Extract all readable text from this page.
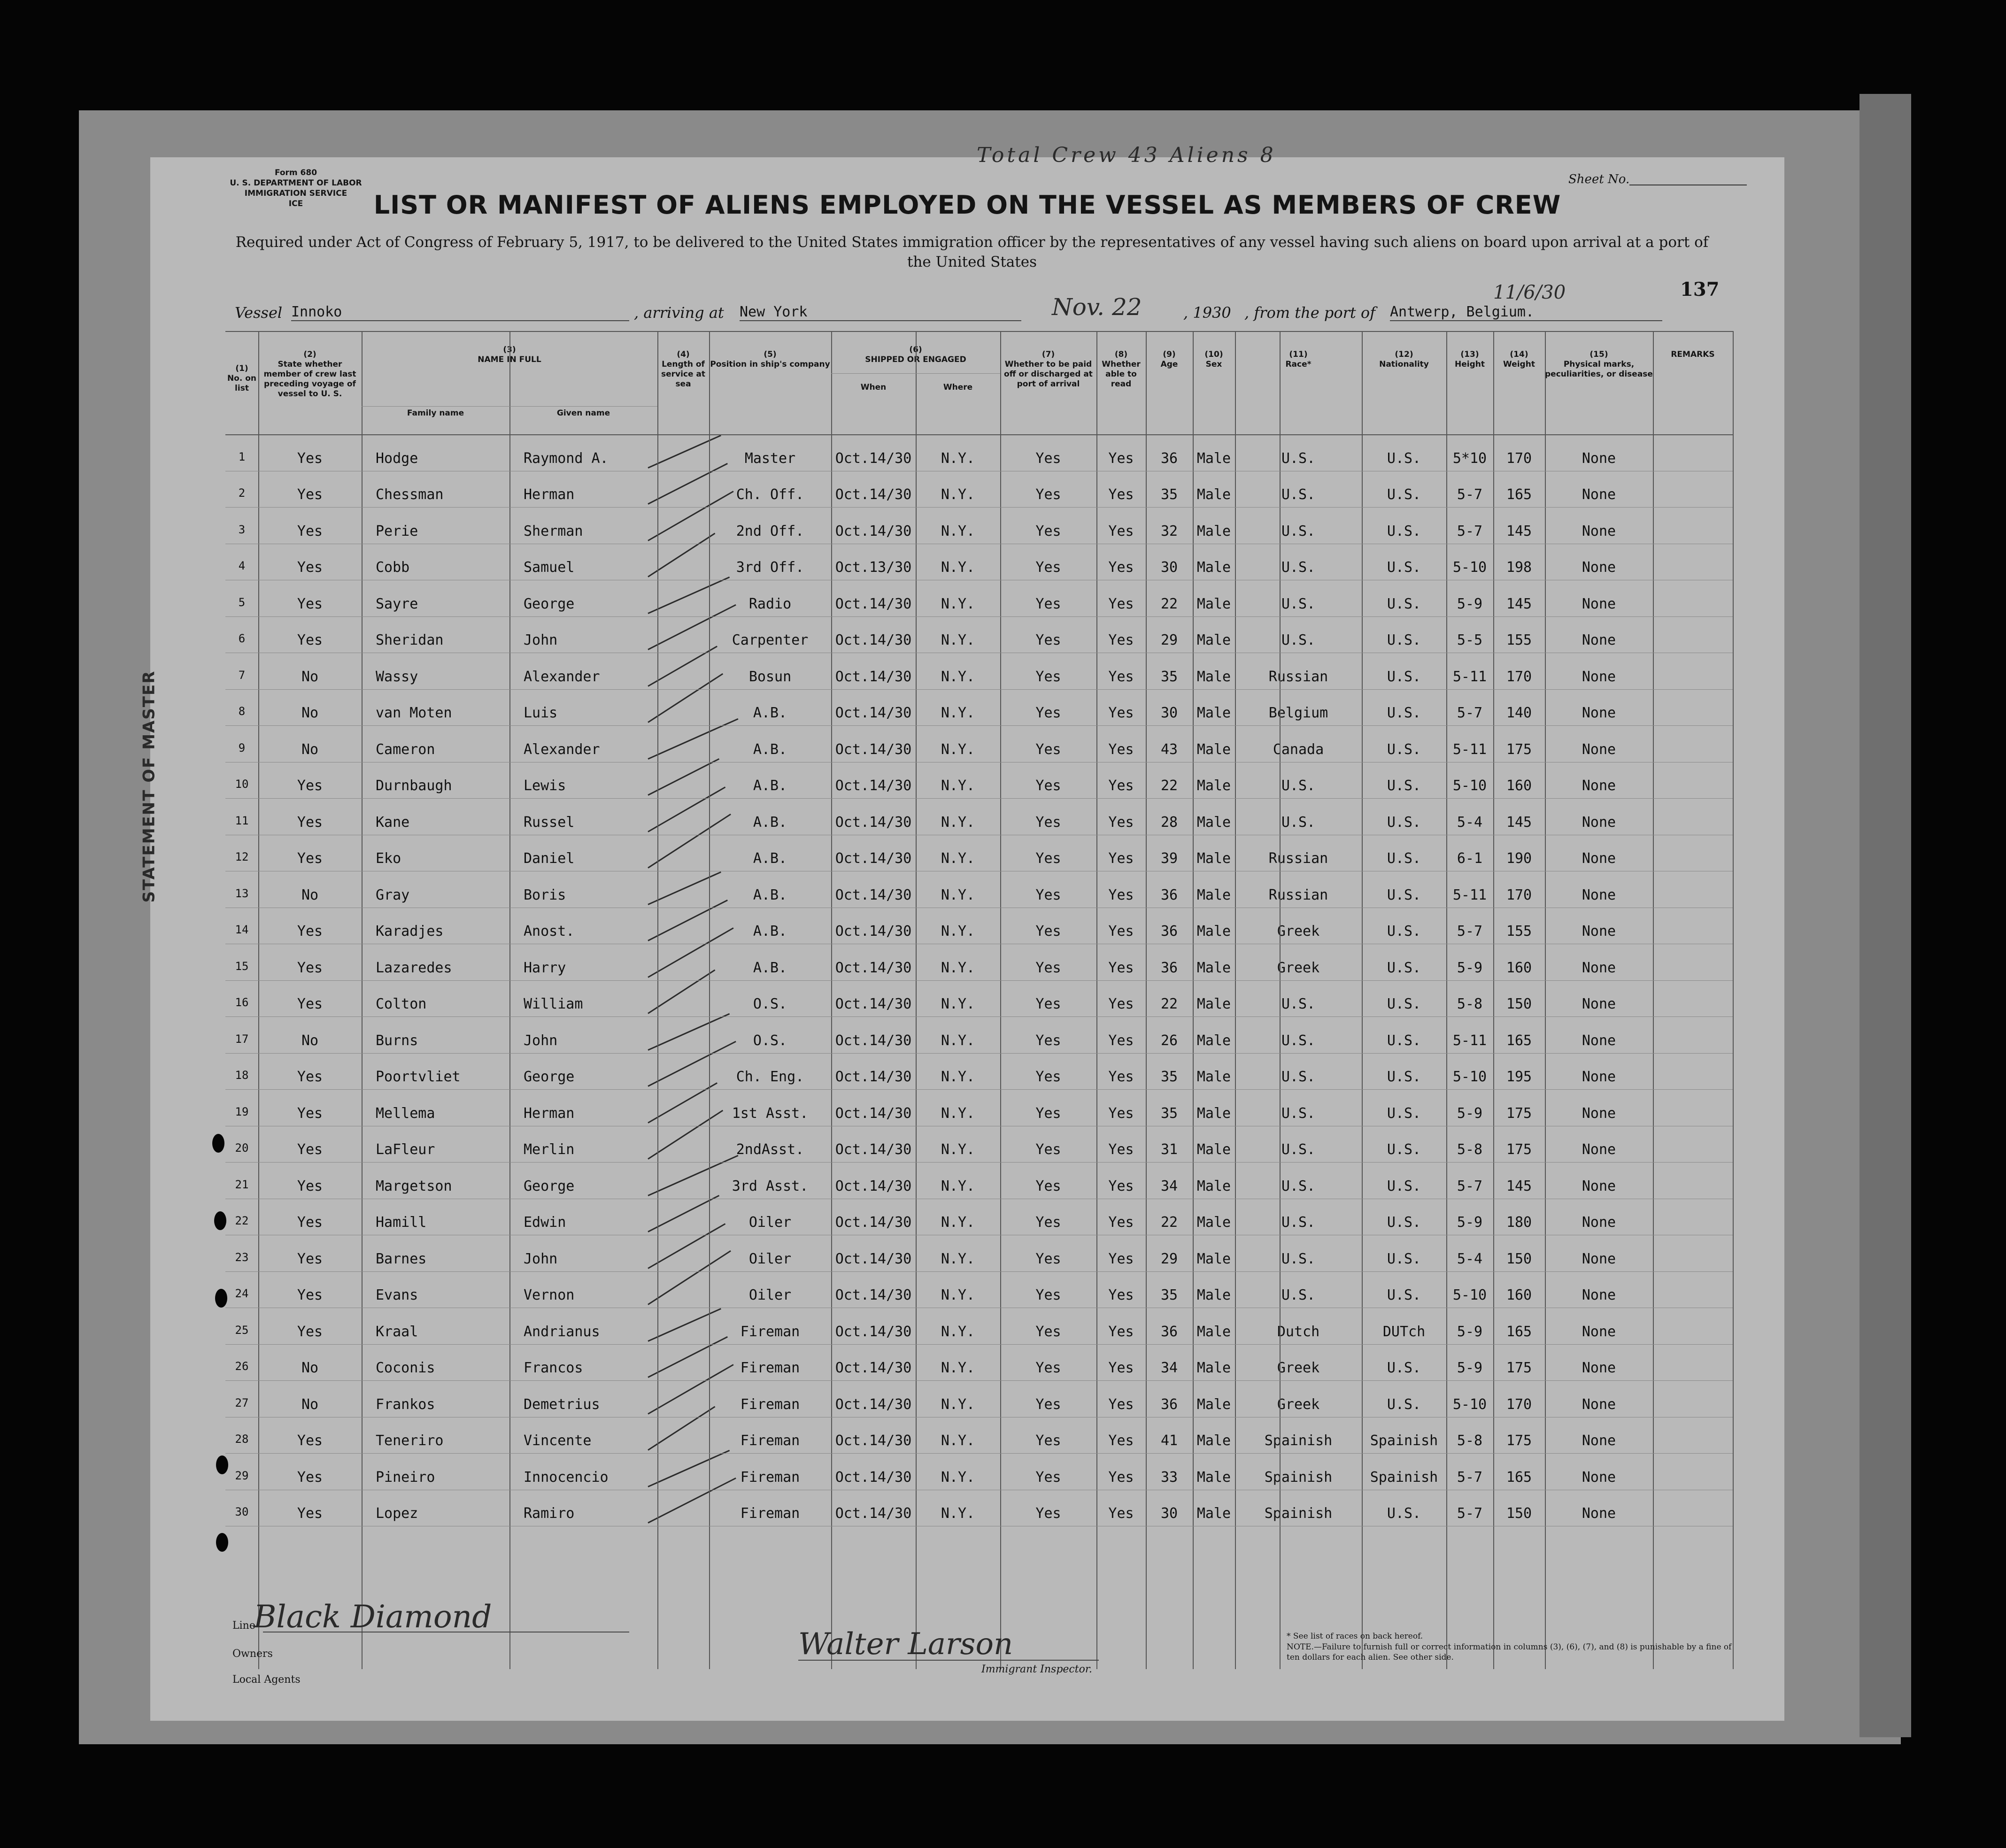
Form 680
U. S. DEPARTMENT OF LABOR
IMMIGRATION SERVICE
ICE
Total Crew 43 Aliens 8
Sheet No.
LIST OR MANIFEST OF ALIENS EMPLOYED ON THE VESSEL AS MEMBERS OF CREW
Required under Act of Congress of February 5, 1917, to be delivered to the United States immigration officer by the representatives of any vessel having such aliens on board upon arrival at a port of the United States
137
Vessel Innoko	, arriving at New York	Nov. 22	, 1930 , from the port of Antwerp, Belgium.
11/6/30
STATEMENT OF MASTER
(1)
No. on list
(2)
State whether member of crew last preceding voyage of vessel to U. S.
(3)
NAME IN FULL
Family name	Given name
(4)
Length of service at sea
(5)
Position in ship's company
(6)
SHIPPED OR ENGAGED
When	Where
(7)
Whether to be paid off or discharged at port of arrival
(8)
Whether able to read
(9)
Age
(10)
Sex
(11)
Race*
(12)
Nationality
(13)
Height
(14)
Weight
(15)
Physical marks, peculiarities, or disease
REMARKS
1	Yes	Hodge	Raymond A.	Master	Oct.14/30	N.Y.	Yes	Yes	36	Male	U.S.	U.S.	5*10	170	None
2	Yes	Chessman	Herman	Ch. Off.	Oct.14/30	N.Y.	Yes	Yes	35	Male	U.S.	U.S.	5-7	165	None
3	Yes	Perie	Sherman	2nd Off.	Oct.14/30	N.Y.	Yes	Yes	32	Male	U.S.	U.S.	5-7	145	None
4	Yes	Cobb	Samuel	3rd Off.	Oct.13/30	N.Y.	Yes	Yes	30	Male	U.S.	U.S.	5-10	198	None
5	Yes	Sayre	George	Radio	Oct.14/30	N.Y.	Yes	Yes	22	Male	U.S.	U.S.	5-9	145	None
6	Yes	Sheridan	John	Carpenter	Oct.14/30	N.Y.	Yes	Yes	29	Male	U.S.	U.S.	5-5	155	None
7	No	Wassy	Alexander	Bosun	Oct.14/30	N.Y.	Yes	Yes	35	Male	Russian	U.S.	5-11	170	None
8	No	van Moten	Luis	A.B.	Oct.14/30	N.Y.	Yes	Yes	30	Male	Belgium	U.S.	5-7	140	None
9	No	Cameron	Alexander	A.B.	Oct.14/30	N.Y.	Yes	Yes	43	Male	Canada	U.S.	5-11	175	None
10	Yes	Durnbaugh	Lewis	A.B.	Oct.14/30	N.Y.	Yes	Yes	22	Male	U.S.	U.S.	5-10	160	None
11	Yes	Kane	Russel	A.B.	Oct.14/30	N.Y.	Yes	Yes	28	Male	U.S.	U.S.	5-4	145	None
12	Yes	Eko	Daniel	A.B.	Oct.14/30	N.Y.	Yes	Yes	39	Male	Russian	U.S.	6-1	190	None
13	No	Gray	Boris	A.B.	Oct.14/30	N.Y.	Yes	Yes	36	Male	Russian	U.S.	5-11	170	None
14	Yes	Karadjes	Anost.	A.B.	Oct.14/30	N.Y.	Yes	Yes	36	Male	Greek	U.S.	5-7	155	None
15	Yes	Lazaredes	Harry	A.B.	Oct.14/30	N.Y.	Yes	Yes	36	Male	Greek	U.S.	5-9	160	None
16	Yes	Colton	William	O.S.	Oct.14/30	N.Y.	Yes	Yes	22	Male	U.S.	U.S.	5-8	150	None
17	No	Burns	John	O.S.	Oct.14/30	N.Y.	Yes	Yes	26	Male	U.S.	U.S.	5-11	165	None
18	Yes	Poortvliet	George	Ch. Eng.	Oct.14/30	N.Y.	Yes	Yes	35	Male	U.S.	U.S.	5-10	195	None
19	Yes	Mellema	Herman	1st Asst.	Oct.14/30	N.Y.	Yes	Yes	35	Male	U.S.	U.S.	5-9	175	None
20	Yes	LaFleur	Merlin	2ndAsst.	Oct.14/30	N.Y.	Yes	Yes	31	Male	U.S.	U.S.	5-8	175	None
21	Yes	Margetson	George	3rd Asst.	Oct.14/30	N.Y.	Yes	Yes	34	Male	U.S.	U.S.	5-7	145	None
22	Yes	Hamill	Edwin	Oiler	Oct.14/30	N.Y.	Yes	Yes	22	Male	U.S.	U.S.	5-9	180	None
23	Yes	Barnes	John	Oiler	Oct.14/30	N.Y.	Yes	Yes	29	Male	U.S.	U.S.	5-4	150	None
24	Yes	Evans	Vernon	Oiler	Oct.14/30	N.Y.	Yes	Yes	35	Male	U.S.	U.S.	5-10	160	None
25	Yes	Kraal	Andrianus	Fireman	Oct.14/30	N.Y.	Yes	Yes	36	Male	Dutch	DUTch	5-9	165	None
26	No	Coconis	Francos	Fireman	Oct.14/30	N.Y.	Yes	Yes	34	Male	Greek	U.S.	5-9	175	None
27	No	Frankos	Demetrius	Fireman	Oct.14/30	N.Y.	Yes	Yes	36	Male	Greek	U.S.	5-10	170	None
28	Yes	Teneriro	Vincente	Fireman	Oct.14/30	N.Y.	Yes	Yes	41	Male	Spainish	Spainish	5-8	175	None
29	Yes	Pineiro	Innocencio	Fireman	Oct.14/30	N.Y.	Yes	Yes	33	Male	Spainish	Spainish	5-7	165	None
30	Yes	Lopez	Ramiro	Fireman	Oct.14/30	N.Y.	Yes	Yes	30	Male	Spainish	U.S.	5-7	150	None
Line
Black Diamond
Owners
Local Agents
Walter Larson
Immigrant Inspector.
* See list of races on back hereof.
NOTE.—Failure to furnish full or correct information in columns (3), (6), (7), and (8) is punishable by a fine of ten dollars for each alien. See other side.
